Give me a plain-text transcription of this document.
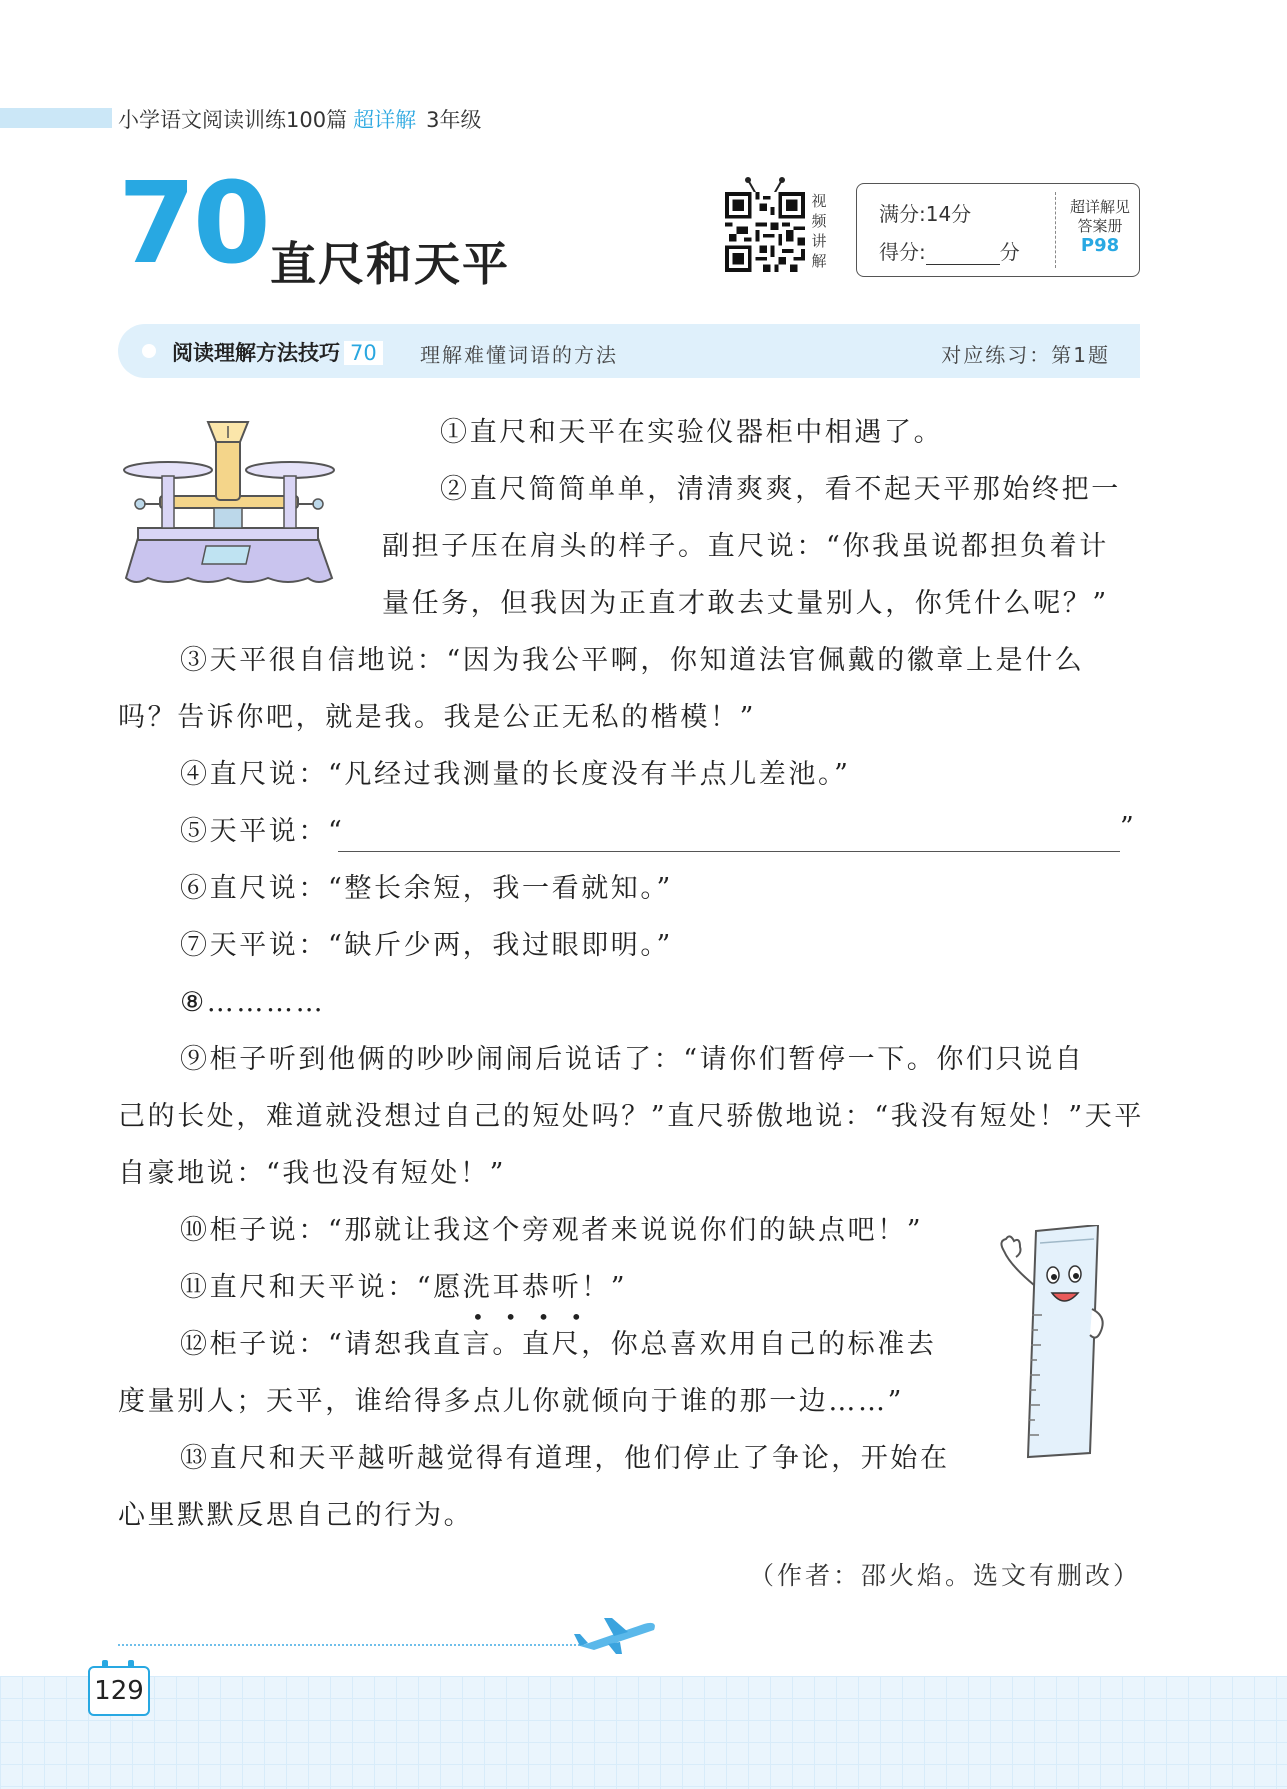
小学语文阅读训练100篇 超详解 3年级
70 直尺和天平
视
频
讲
解
满分:14分
得分:	分
超详解见
答案册
P98
阅读理解方法技巧 70	理解难懂词语的方法	对应练习：第1题
①直尺和天平在实验仪器柜中相遇了。
②直尺简简单单，清清爽爽，看不起天平那始终把一
副担子压在肩头的样子。直尺说：“你我虽说都担负着计
量任务，但我因为正直才敢去丈量别人，你凭什么呢？”
③天平很自信地说：“因为我公平啊，你知道法官佩戴的徽章上是什么
吗？告诉你吧，就是我。我是公正无私的楷模！”
④直尺说：“凡经过我测量的长度没有半点儿差池。”
⑤天平说：“	”
⑥直尺说：“整长余短，我一看就知。”
⑦天平说：“缺斤少两，我过眼即明。”
⑧…………
⑨柜子听到他俩的吵吵闹闹后说话了：“请你们暂停一下。你们只说自
己的长处，难道就没想过自己的短处吗？”直尺骄傲地说：“我没有短处！”天平
自豪地说：“我也没有短处！”
⑩柜子说：“那就让我这个旁观者来说说你们的缺点吧！”
⑪直尺和天平说：“愿洗耳恭听！”
••••
⑫柜子说：“请恕我直言。直尺，你总喜欢用自己的标准去
度量别人；天平，谁给得多点儿你就倾向于谁的那一边……”
⑬直尺和天平越听越觉得有道理，他们停止了争论，开始在
心里默默反思自己的行为。
（作者：邵火焰。选文有删改）
129
